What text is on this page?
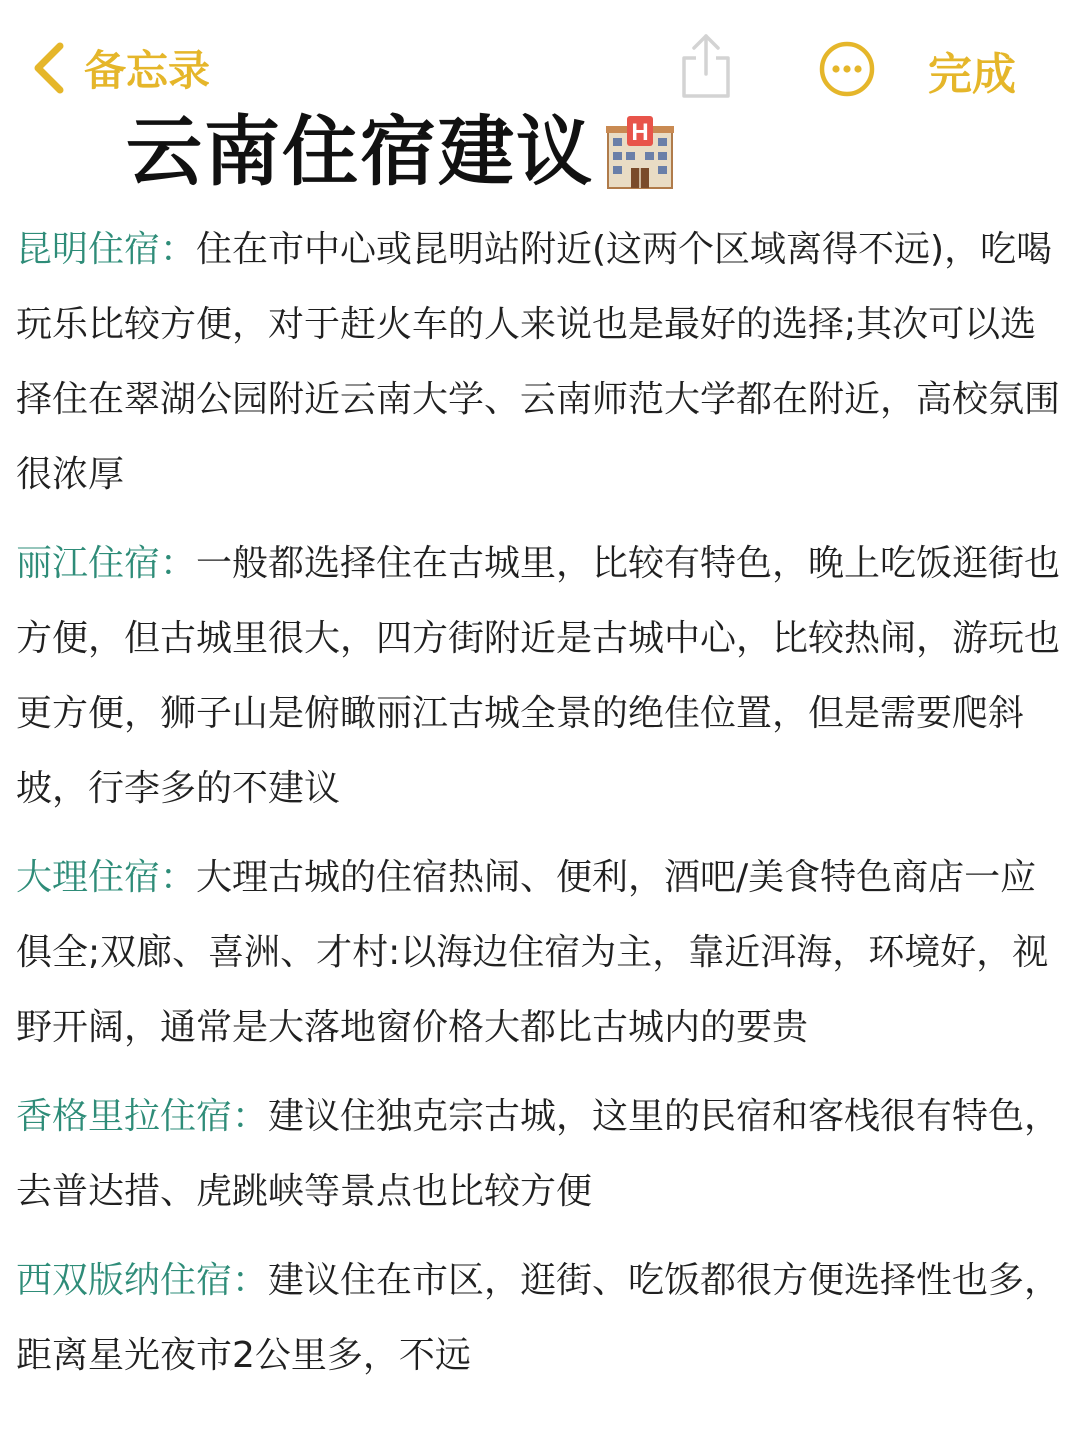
备忘录	完成
云南住宿建议 H

昆明住宿：住在市中心或昆明站附近(这两个区域离得不远)，吃喝玩乐比较方便，对于赶火车的人来说也是最好的选择;其次可以选择住在翠湖公园附近云南大学、云南师范大学都在附近，高校氛围很浓厚

丽江住宿：一般都选择住在古城里，比较有特色，晚上吃饭逛街也方便，但古城里很大，四方街附近是古城中心，比较热闹，游玩也更方便，狮子山是俯瞰丽江古城全景的绝佳位置，但是需要爬斜坡，行李多的不建议

大理住宿：大理古城的住宿热闹、便利，酒吧/美食特色商店一应俱全;双廊、喜洲、才村:以海边住宿为主，靠近洱海，环境好，视野开阔，通常是大落地窗价格大都比古城内的要贵

香格里拉住宿：建议住独克宗古城，这里的民宿和客栈很有特色，去普达措、虎跳峡等景点也比较方便

西双版纳住宿：建议住在市区，逛街、吃饭都很方便选择性也多，距离星光夜市2公里多，不远
